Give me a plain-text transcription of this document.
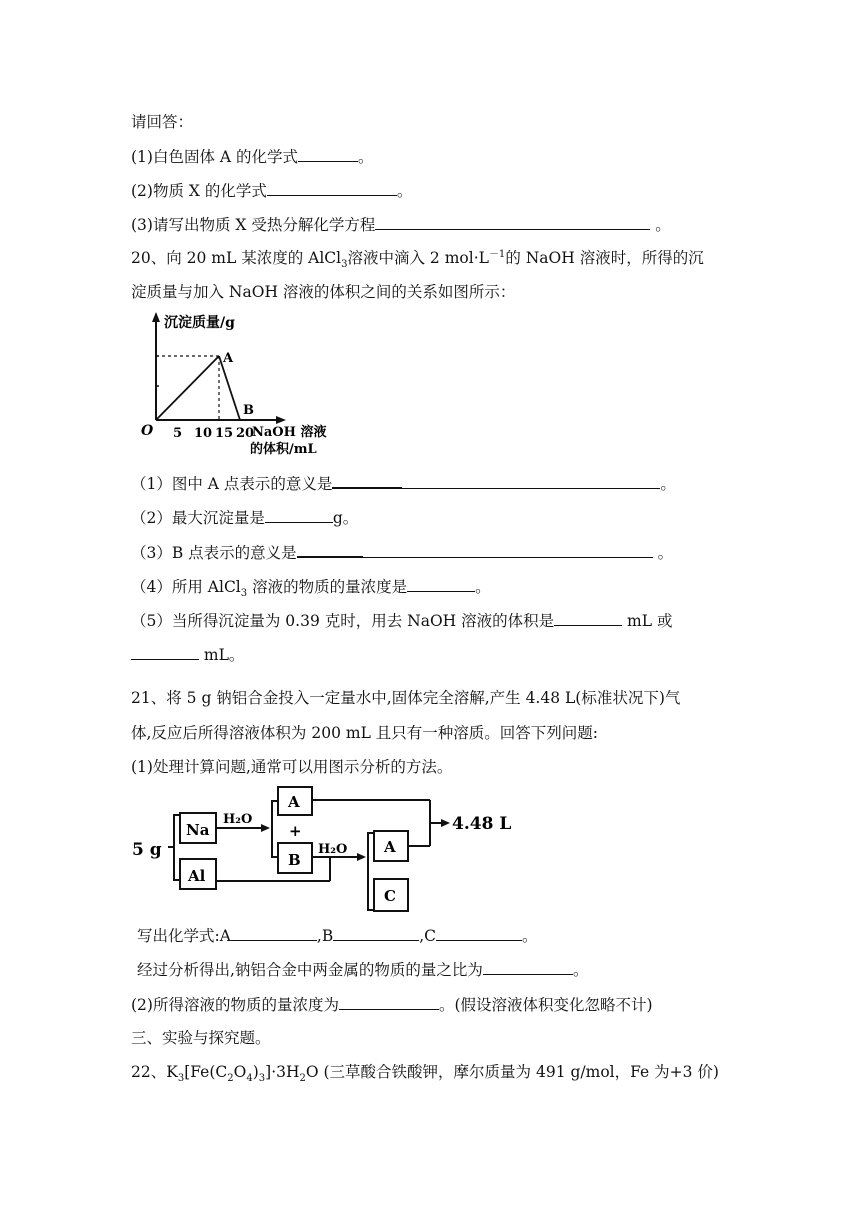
请回答：
(1)白色固体 A 的化学式	。
(2)物质 X 的化学式	。
(3)请写出物质 X 受热分解化学方程	。
20、向 20 mL 某浓度的 AlCl$_3$溶液中滴入 2 $mol\cdot L^{-1}$的 NaOH 溶液时，所得的沉
淀质量与加入 NaOH 溶液的体积之间的关系如图所示：
沉淀质量/g
O
A
B
5 10 15 20
NaOH 溶液
的体积/mL
（1）图中 A 点表示的意义是	。
（2）最大沉淀量是	g。
（3）B 点表示的意义是	。
（4）所用 AlCl$_3$ 溶液的物质的量浓度是	。
（5）当所得沉淀量为 0.39 克时，用去 NaOH 溶液的体积是	mL 或
mL。
21、将 5 g 钠铝合金投入一定量水中,固体完全溶解,产生 4.48 L(标准状况下)气
体,反应后所得溶液体积为 200 mL 且只有一种溶质。回答下列问题:
(1)处理计算问题,通常可以用图示分析的方法。
5 g
Na
Al
H₂O
A
+
B
H₂O A
C
4.48 L
写出化学式:A	,B	,C	。
经过分析得出,钠铝合金中两金属的物质的量之比为	。
(2)所得溶液的物质的量浓度为	。(假设溶液体积变化忽略不计)
三、实验与探究题。
22、$K_3[Fe(C_2O_4)_3]\cdot 3H_2O$ (三草酸合铁酸钾，摩尔质量为 491 g/mol，Fe 为+3 价)
